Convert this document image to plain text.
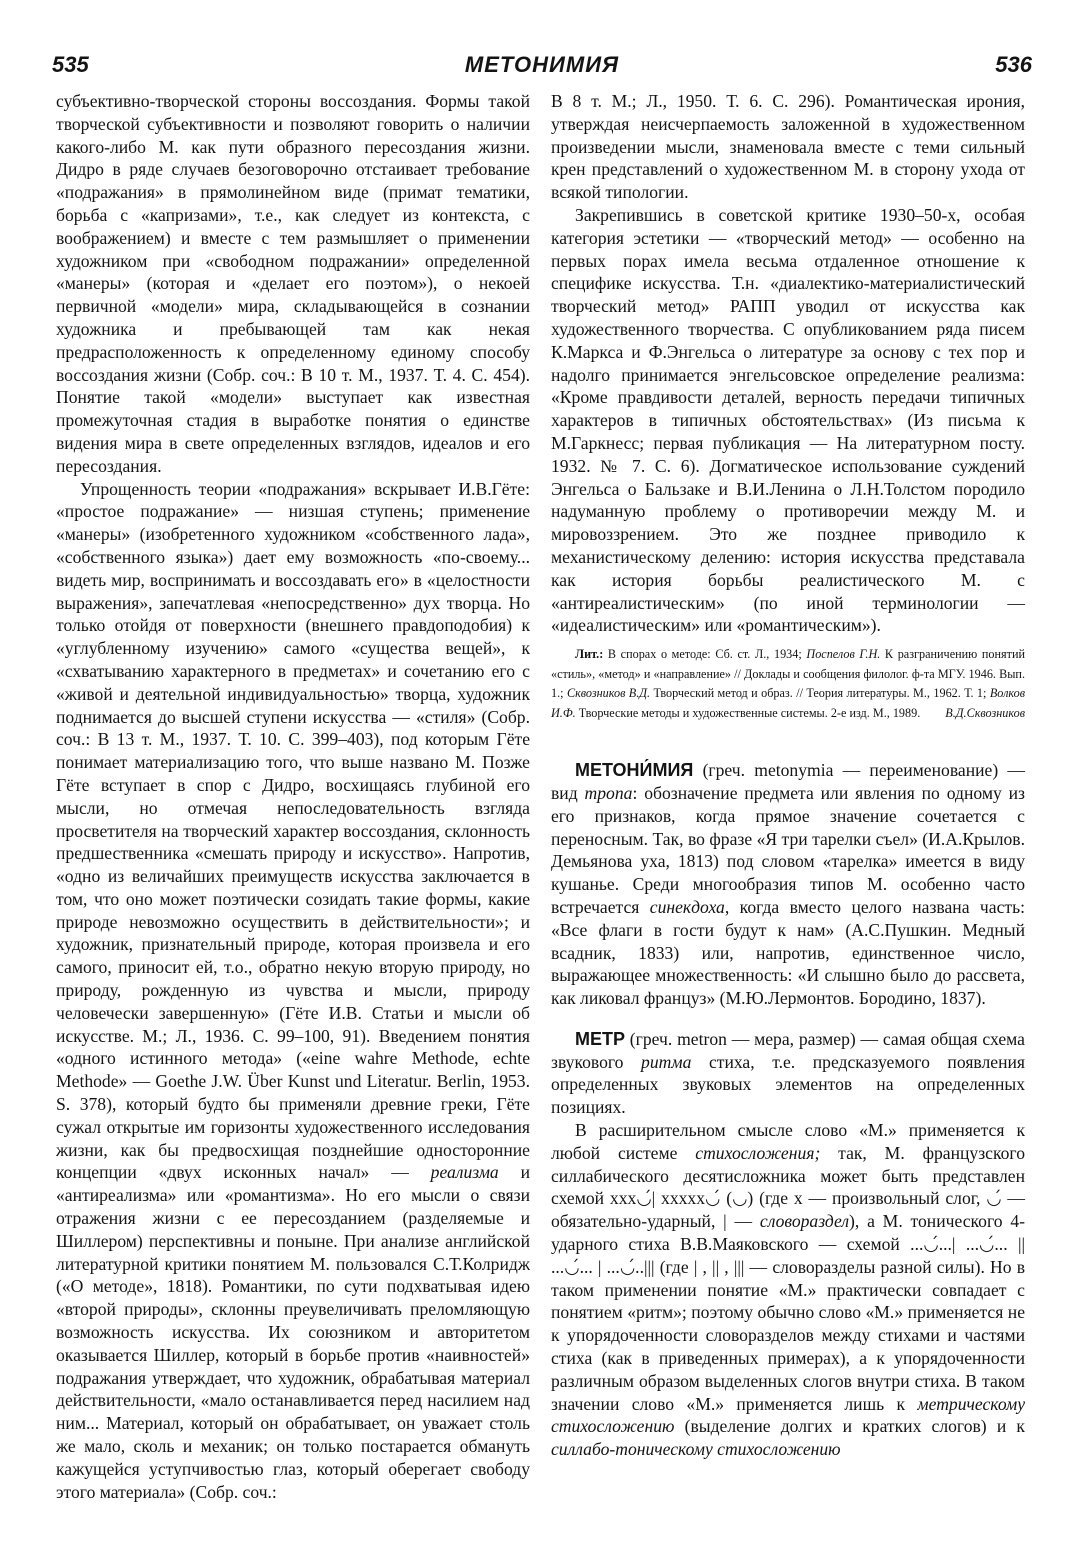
535	МЕТОНИМИЯ	536

субъективно-творческой стороны воссоздания. Формы такой творческой субъективности и позволяют говорить о наличии какого-либо М. как пути образного пересоздания жизни. Дидро в ряде случаев безоговорочно отстаивает требование «подражания» в прямолинейном виде (примат тематики, борьба с «капризами», т.е., как следует из контекста, с воображением) и вместе с тем размышляет о применении художником при «свободном подражании» определенной «манеры» (которая и «делает его поэтом»), о некоей первичной «модели» мира, складывающейся в сознании художника и пребывающей там как некая предрасположенность к определенному единому способу воссоздания жизни (Собр. соч.: В 10 т. М., 1937. Т. 4. С. 454). Понятие такой «модели» выступает как известная промежуточная стадия в выработке понятия о единстве видения мира в свете определенных взглядов, идеалов и его пересоздания.

Упрощенность теории «подражания» вскрывает И.В.Гёте: «простое подражание» — низшая ступень; применение «манеры» (изобретенного художником «собственного лада», «собственного языка») дает ему возможность «по-своему... видеть мир, воспринимать и воссоздавать его» в «целостности выражения», запечатлевая «непосредственно» дух творца. Но только отойдя от поверхности (внешнего правдоподобия) к «углубленному изучению» самого «существа вещей», к «схватыванию характерного в предметах» и сочетанию его с «живой и деятельной индивидуальностью» творца, художник поднимается до высшей ступени искусства — «стиля» (Собр. соч.: В 13 т. М., 1937. Т. 10. С. 399–403), под которым Гёте понимает материализацию того, что выше названо М. Позже Гёте вступает в спор с Дидро, восхищаясь глубиной его мысли, но отмечая непоследовательность взгляда просветителя на творческий характер воссоздания, склонность предшественника «смешать природу и искусство». Напротив, «одно из величайших преимуществ искусства заключается в том, что оно может поэтически созидать такие формы, какие природе невозможно осуществить в действительности»; и художник, признательный природе, которая произвела и его самого, приносит ей, т.о., обратно некую вторую природу, но природу, рожденную из чувства и мысли, природу человечески завершенную» (Гёте И.В. Статьи и мысли об искусстве. М.; Л., 1936. С. 99–100, 91). Введением понятия «одного истинного метода» («eine wahre Methode, echte Methode» — Goethe J.W. Über Kunst und Literatur. Berlin, 1953. S. 378), который будто бы применяли древние греки, Гёте сужал открытые им горизонты художественного исследования жизни, как бы предвосхищая позднейшие односторонние концепции «двух исконных начал» — реализма и «антиреализма» или «романтизма». Но его мысли о связи отражения жизни с ее пересозданием (разделяемые и Шиллером) перспективны и поныне. При анализе английской литературной критики понятием М. пользовался С.Т.Колридж («О методе», 1818). Романтики, по сути подхватывая идею «второй природы», склонны преувеличивать преломляющую возможность искусства. Их союзником и авторитетом оказывается Шиллер, который в борьбе против «наивностей» подражания утверждает, что художник, обрабатывая материал действительности, «мало останавливается перед насилием над ним... Материал, который он обрабатывает, он уважает столь же мало, сколь и механик; он только постарается обмануть кажущейся уступчивостью глаз, который оберегает свободу этого материала» (Собр. соч.:

В 8 т. М.; Л., 1950. Т. 6. С. 296). Романтическая ирония, утверждая неисчерпаемость заложенной в художественном произведении мысли, знаменовала вместе с теми сильный крен представлений о художественном М. в сторону ухода от всякой типологии.

Закрепившись в советской критике 1930–50-х, особая категория эстетики — «творческий метод» — особенно на первых порах имела весьма отдаленное отношение к специфике искусства. Т.н. «диалектико-материалистический творческий метод» РАПП уводил от искусства как художественного творчества. С опубликованием ряда писем К.Маркса и Ф.Энгельса о литературе за основу с тех пор и надолго принимается энгельсовское определение реализма: «Кроме правдивости деталей, верность передачи типичных характеров в типичных обстоятельствах» (Из письма к М.Гаркнесс; первая публикация — На литературном посту. 1932. № 7. С. 6). Догматическое использование суждений Энгельса о Бальзаке и В.И.Ленина о Л.Н.Толстом породило надуманную проблему о противоречии между М. и мировоззрением. Это же позднее приводило к механистическому делению: история искусства представала как история борьбы реалистического М. с «антиреалистическим» (по иной терминологии — «идеалистическим» или «романтическим»).

Лит.: В спорах о методе: Сб. ст. Л., 1934; Поспелов Г.Н. К разграничению понятий «стиль», «метод» и «направление» // Доклады и сообщения филолог. ф-та МГУ. 1946. Вып. 1.; Сквозников В.Д. Творческий метод и образ. // Теория литературы. М., 1962. Т. 1; Волков И.Ф. Творческие методы и художественные системы. 2-е изд. М., 1989.	В.Д.Сквозников

МЕТОНИ́МИЯ (греч. metonymia — переименование) — вид тропа: обозначение предмета или явления по одному из его признаков, когда прямое значение сочетается с переносным. Так, во фразе «Я три тарелки съел» (И.А.Крылов. Демьянова уха, 1813) под словом «тарелка» имеется в виду кушанье. Среди многообразия типов М. особенно часто встречается синекдоха, когда вместо целого названа часть: «Все флаги в гости будут к нам» (А.С.Пушкин. Медный всадник, 1833) или, напротив, единственное число, выражающее множественность: «И слышно было до рассвета, как ликовал француз» (М.Ю.Лермонтов. Бородино, 1837).

МЕТР (греч. metron — мера, размер) — самая общая схема звукового ритма стиха, т.е. предсказуемого появления определенных звуковых элементов на определенных позициях.

В расширительном смысле слово «М.» применяется к любой системе стихосложения; так, М. французского силлабического десятисложника может быть представлен схемой xxx◡́| xxxxx◡́ (◡) (где x — произвольный слог, ◡́ — обязательно-ударный, | — словораздел), а М. тонического 4-ударного стиха В.В.Маяковского — схемой ...◡́...| ...◡́... || ...◡́... | ...◡́..||| (где | , || , ||| — словоразделы разной силы). Но в таком применении понятие «М.» практически совпадает с понятием «ритм»; поэтому обычно слово «М.» применяется не к упорядоченности словоразделов между стихами и частями стиха (как в приведенных примерах), а к упорядоченности различным образом выделенных слогов внутри стиха. В таком значении слово «М.» применяется лишь к метрическому стихосложению (выделение долгих и кратких слогов) и к силлабо-тоническому стихосложению
